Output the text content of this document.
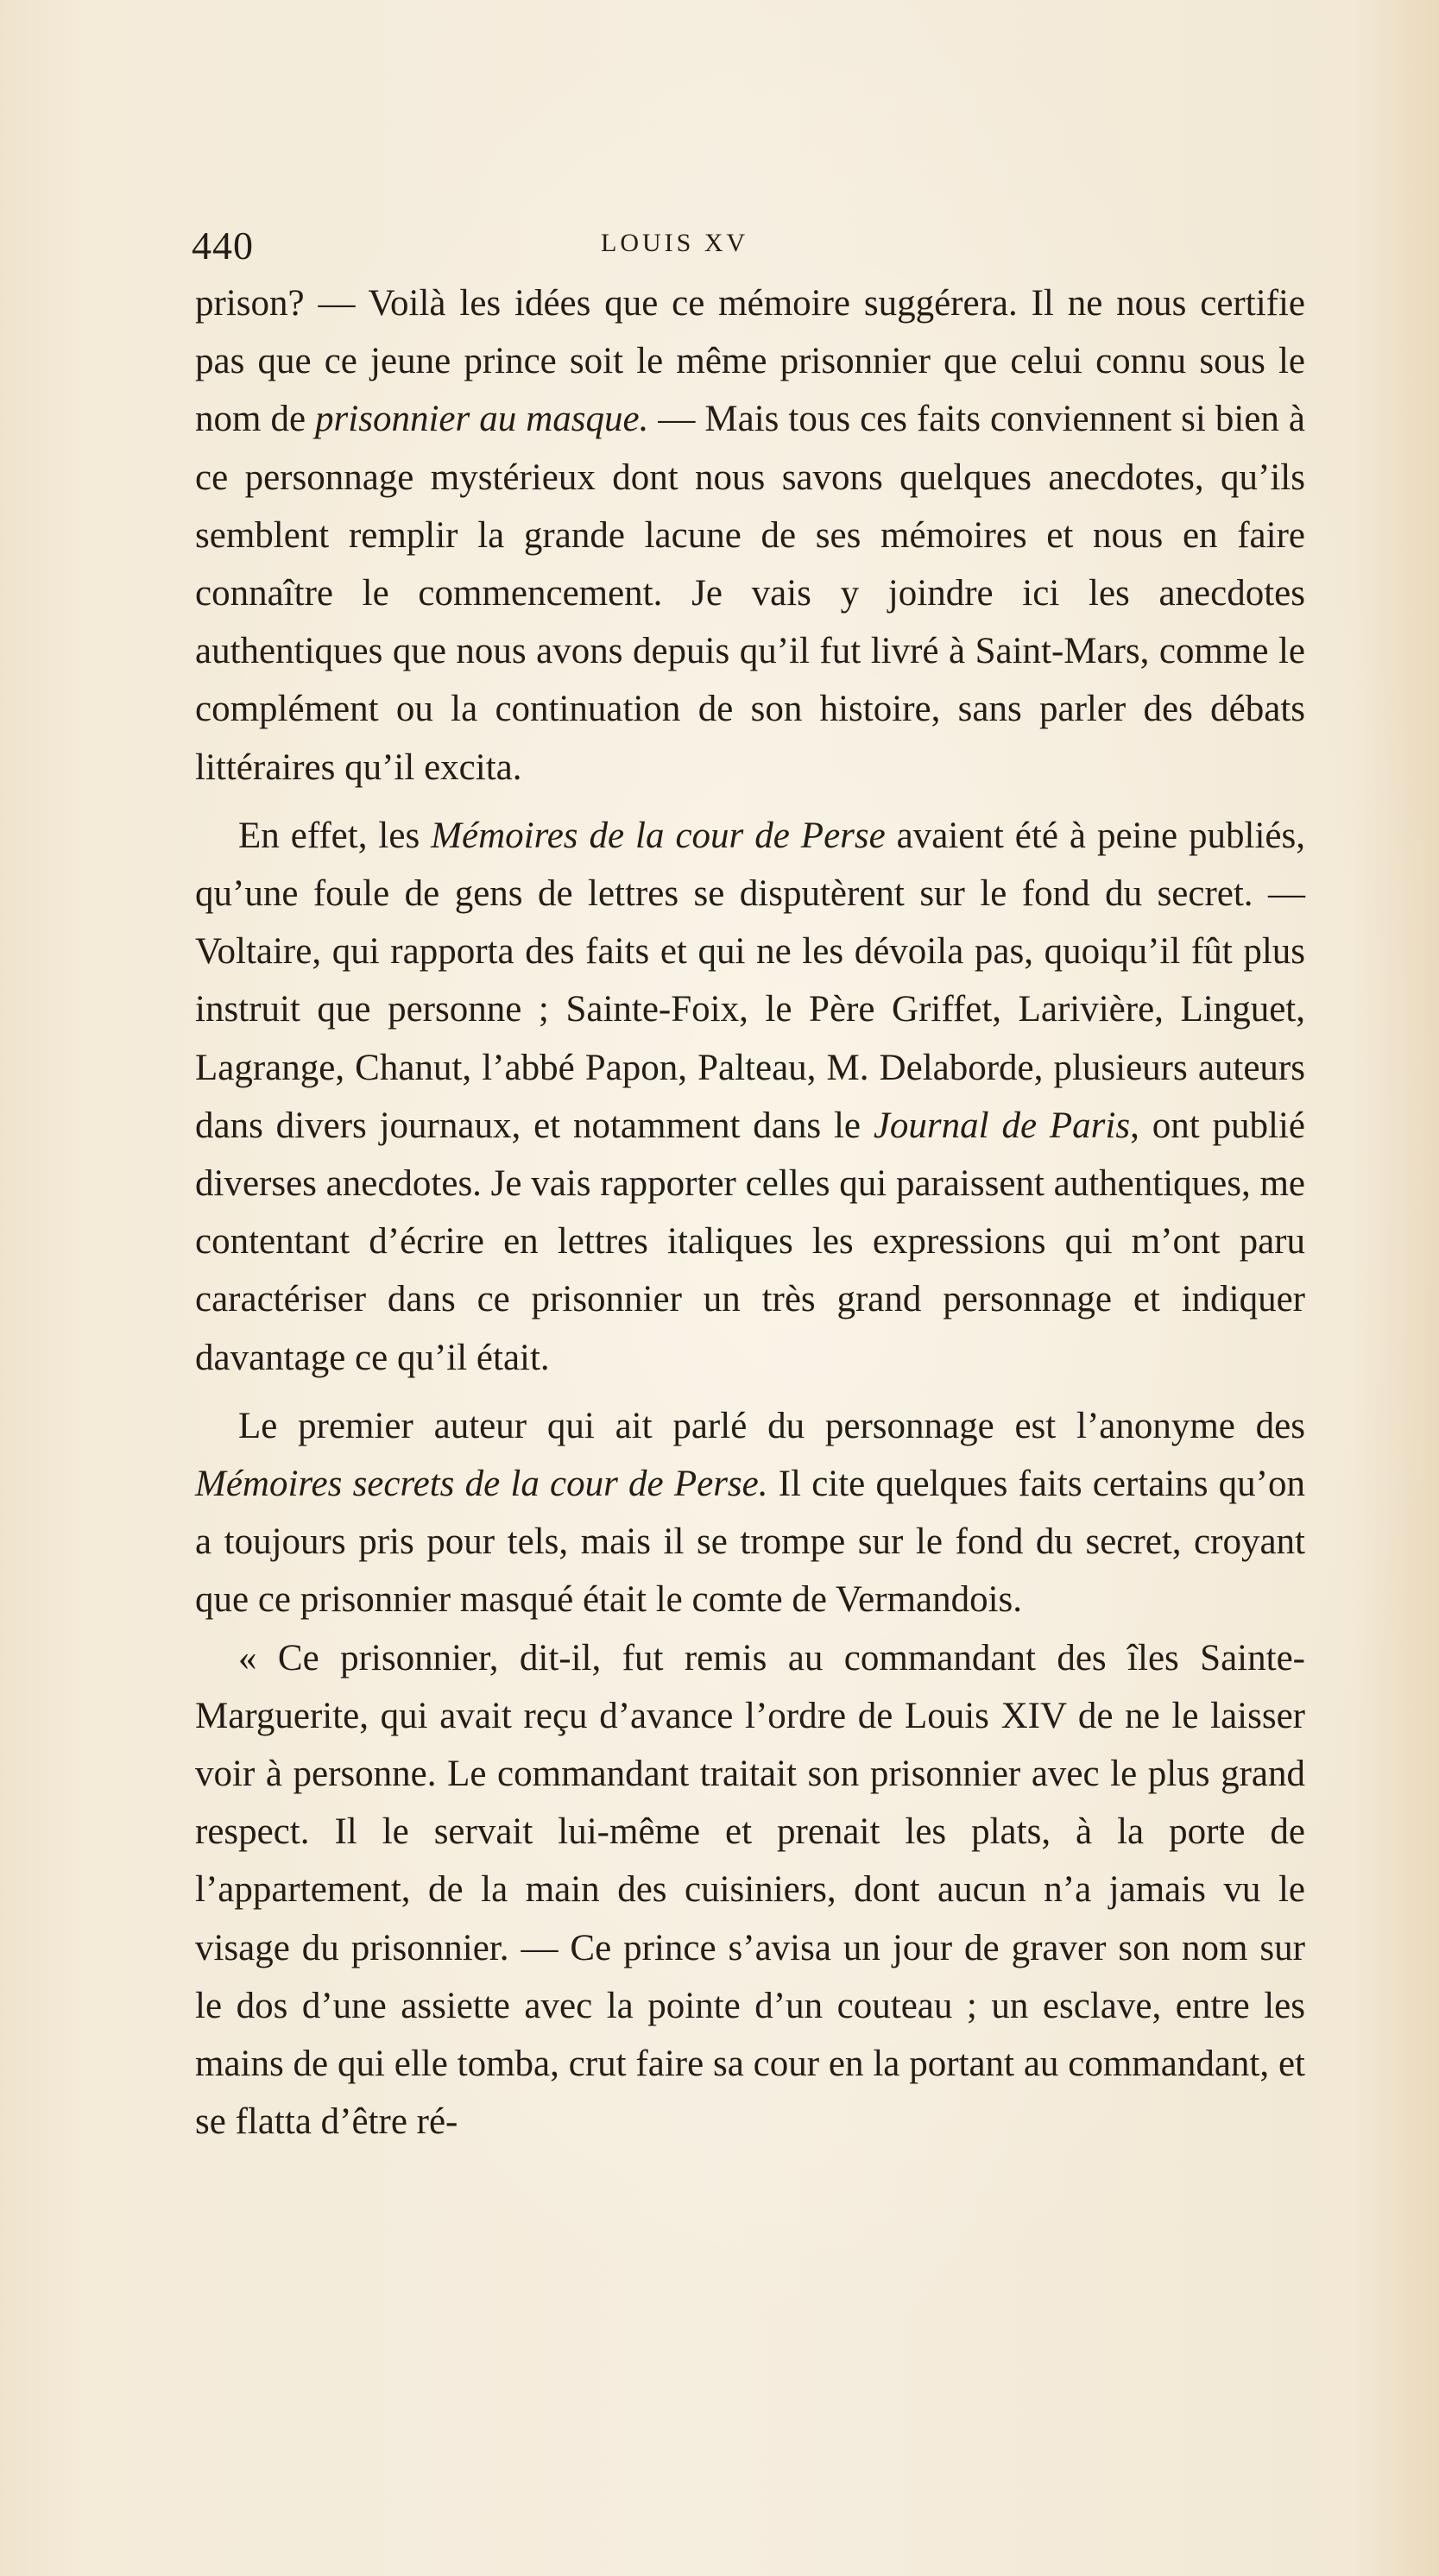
440	LOUIS XV

prison? — Voilà les idées que ce mémoire suggérera. Il ne nous certifie pas que ce jeune prince soit le même prisonnier que celui connu sous le nom de prisonnier au masque. — Mais tous ces faits conviennent si bien à ce personnage mystérieux dont nous savons quelques anecdotes, qu’ils semblent remplir la grande lacune de ses mémoires et nous en faire connaître le commencement. Je vais y joindre ici les anecdotes authentiques que nous avons depuis qu’il fut livré à Saint-Mars, comme le complément ou la continuation de son histoire, sans parler des débats littéraires qu’il excita.

En effet, les Mémoires de la cour de Perse avaient été à peine publiés, qu’une foule de gens de lettres se disputèrent sur le fond du secret. — Voltaire, qui rapporta des faits et qui ne les dévoila pas, quoiqu’il fût plus instruit que personne ; Sainte-Foix, le Père Griffet, Larivière, Linguet, Lagrange, Chanut, l’abbé Papon, Palteau, M. Delaborde, plusieurs auteurs dans divers journaux, et notamment dans le Journal de Paris, ont publié diverses anecdotes. Je vais rapporter celles qui paraissent authentiques, me contentant d’écrire en lettres italiques les expressions qui m’ont paru caractériser dans ce prisonnier un très grand personnage et indiquer davantage ce qu’il était.

Le premier auteur qui ait parlé du personnage est l’anonyme des Mémoires secrets de la cour de Perse. Il cite quelques faits certains qu’on a toujours pris pour tels, mais il se trompe sur le fond du secret, croyant que ce prisonnier masqué était le comte de Vermandois.

« Ce prisonnier, dit-il, fut remis au commandant des îles Sainte-Marguerite, qui avait reçu d’avance l’ordre de Louis XIV de ne le laisser voir à personne. Le commandant traitait son prisonnier avec le plus grand respect. Il le servait lui-même et prenait les plats, à la porte de l’appartement, de la main des cuisiniers, dont aucun n’a jamais vu le visage du prisonnier. — Ce prince s’avisa un jour de graver son nom sur le dos d’une assiette avec la pointe d’un couteau ; un esclave, entre les mains de qui elle tomba, crut faire sa cour en la portant au commandant, et se flatta d’être ré-
